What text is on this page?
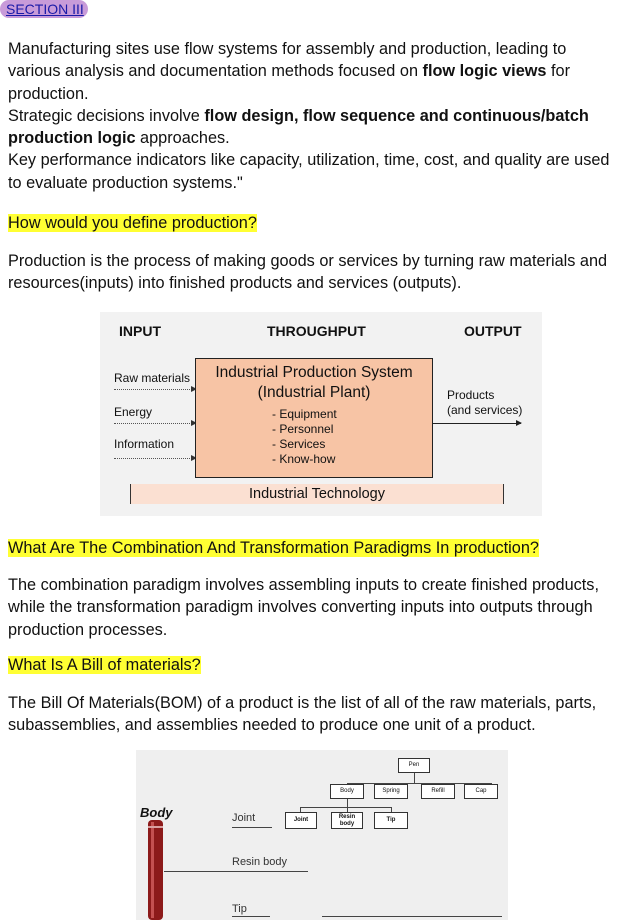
SECTION III

Manufacturing sites use flow systems for assembly and production, leading to various analysis and documentation methods focused on flow logic views for production.
Strategic decisions involve flow design, flow sequence and continuous/batch production logic approaches.
Key performance indicators like capacity, utilization, time, cost, and quality are used to evaluate production systems."

How would you define production?

Production is the process of making goods or services by turning raw materials and resources(inputs) into finished products and services (outputs).

INPUT	THROUGHPUT	OUTPUT
Raw materials
Energy
Information
Industrial Production System
(Industrial Plant)
- Equipment
- Personnel
- Services
- Know-how
Products
(and services)
Industrial Technology
What Are The Combination And Transformation Paradigms In production?

The combination paradigm involves assembling inputs to create finished products, while the transformation paradigm involves converting inputs into outputs through production processes.

What Is A Bill of materials?

The Bill Of Materials(BOM) of a product is the list of all of the raw materials, parts, subassemblies, and assemblies needed to produce one unit of a product.

Pen
Body	Spring	Refill	Cap
Joint	Resin body
Tip
Body	Joint
Resin body
Tip
